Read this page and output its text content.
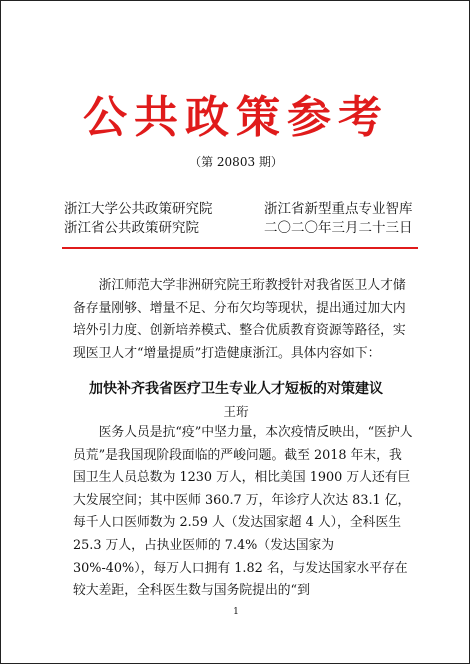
公共政策参考
（第 20803 期）
浙江大学公共政策研究院
浙江省公共政策研究院
浙江省新型重点专业智库
二〇二〇年三月二十三日

浙江师范大学非洲研究院王珩教授针对我省医卫人才储备存量刚够、增量不足、分布欠均等现状，提出通过加大内培外引力度、创新培养模式、整合优质教育资源等路径，实现医卫人才“增量提质”打造健康浙江。具体内容如下：

加快补齐我省医疗卫生专业人才短板的对策建议
王珩

医务人员是抗“疫”中坚力量，本次疫情反映出，“医护人员荒”是我国现阶段面临的严峻问题。截至 2018 年末，我国卫生人员总数为 1230 万人，相比美国 1900 万人还有巨大发展空间；其中医师 360.7 万，年诊疗人次达 83.1 亿，每千人口医师数为 2.59 人（发达国家超 4 人），全科医生 25.3 万人，占执业医师的 7.4%（发达国家为 30%-40%），每万人口拥有 1.82 名，与发达国家水平存在较大差距，全科医生数与国务院提出的“到

1
